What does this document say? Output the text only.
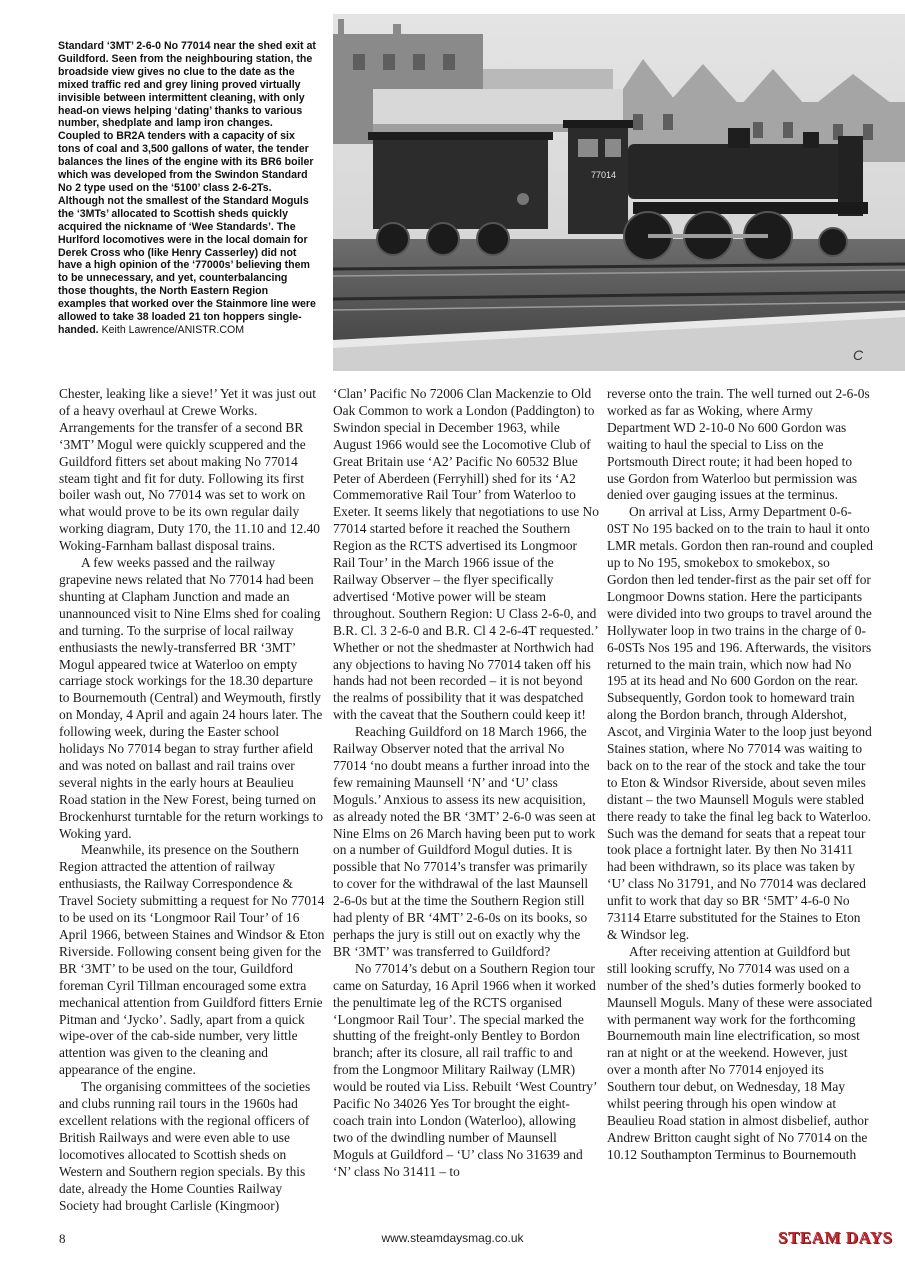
Standard ‘3MT’ 2-6-0 No 77014 near the shed exit at Guildford. Seen from the neighbouring station, the broadside view gives no clue to the date as the mixed traffic red and grey lining proved virtually invisible between intermittent cleaning, with only head-on views helping ‘dating’ thanks to various number, shedplate and lamp iron changes. Coupled to BR2A tenders with a capacity of six tons of coal and 3,500 gallons of water, the tender balances the lines of the engine with its BR6 boiler which was developed from the Swindon Standard No 2 type used on the ‘5100’ class 2-6-2Ts. Although not the smallest of the Standard Moguls the ‘3MTs’ allocated to Scottish sheds quickly acquired the nickname of ‘Wee Standards’. The Hurlford locomotives were in the local domain for Derek Cross who (like Henry Casserley) did not have a high opinion of the ‘77000s’ believing them to be unnecessary, and yet, counterbalancing those thoughts, the North Eastern Region examples that worked over the Stainmore line were allowed to take 38 loaded 21 ton hoppers single-handed. Keith Lawrence/ANISTR.COM
77014
C

Chester, leaking like a sieve!’ Yet it was just out of a heavy overhaul at Crewe Works. Arrangements for the transfer of a second BR ‘3MT’ Mogul were quickly scuppered and the Guildford fitters set about making No 77014 steam tight and fit for duty. Following its first boiler wash out, No 77014 was set to work on what would prove to be its own regular daily working diagram, Duty 170, the 11.10 and 12.40 Woking-Farnham ballast disposal trains.

A few weeks passed and the railway grapevine news related that No 77014 had been shunting at Clapham Junction and made an unannounced visit to Nine Elms shed for coaling and turning. To the surprise of local railway enthusiasts the newly-transferred BR ‘3MT’ Mogul appeared twice at Waterloo on empty carriage stock workings for the 18.30 departure to Bournemouth (Central) and Weymouth, firstly on Monday, 4 April and again 24 hours later. The following week, during the Easter school holidays No 77014 began to stray further afield and was noted on ballast and rail trains over several nights in the early hours at Beaulieu Road station in the New Forest, being turned on Brockenhurst turntable for the return workings to Woking yard.

Meanwhile, its presence on the Southern Region attracted the attention of railway enthusiasts, the Railway Correspondence & Travel Society submitting a request for No 77014 to be used on its ‘Longmoor Rail Tour’ of 16 April 1966, between Staines and Windsor & Eton Riverside. Following consent being given for the BR ‘3MT’ to be used on the tour, Guildford foreman Cyril Tillman encouraged some extra mechanical attention from Guildford fitters Ernie Pitman and ‘Jycko’. Sadly, apart from a quick wipe-over of the cab-side number, very little attention was given to the cleaning and appearance of the engine.

The organising committees of the societies and clubs running rail tours in the 1960s had excellent relations with the regional officers of British Railways and were even able to use locomotives allocated to Scottish sheds on Western and Southern region specials. By this date, already the Home Counties Railway Society had brought Carlisle (Kingmoor)

‘Clan’ Pacific No 72006 Clan Mackenzie to Old Oak Common to work a London (Paddington) to Swindon special in December 1963, while August 1966 would see the Locomotive Club of Great Britain use ‘A2’ Pacific No 60532 Blue Peter of Aberdeen (Ferryhill) shed for its ‘A2 Commemorative Rail Tour’ from Waterloo to Exeter. It seems likely that negotiations to use No 77014 started before it reached the Southern Region as the RCTS advertised its Longmoor Rail Tour’ in the March 1966 issue of the Railway Observer – the flyer specifically advertised ‘Motive power will be steam throughout. Southern Region: U Class 2-6-0, and B.R. Cl. 3 2-6-0 and B.R. Cl 4 2-6-4T requested.’ Whether or not the shedmaster at Northwich had any objections to having No 77014 taken off his hands had not been recorded – it is not beyond the realms of possibility that it was despatched with the caveat that the Southern could keep it!

Reaching Guildford on 18 March 1966, the Railway Observer noted that the arrival No 77014 ‘no doubt means a further inroad into the few remaining Maunsell ‘N’ and ‘U’ class Moguls.’ Anxious to assess its new acquisition, as already noted the BR ‘3MT’ 2-6-0 was seen at Nine Elms on 26 March having been put to work on a number of Guildford Mogul duties. It is possible that No 77014’s transfer was primarily to cover for the withdrawal of the last Maunsell 2-6-0s but at the time the Southern Region still had plenty of BR ‘4MT’ 2-6-0s on its books, so perhaps the jury is still out on exactly why the BR ‘3MT’ was transferred to Guildford?

No 77014’s debut on a Southern Region tour came on Saturday, 16 April 1966 when it worked the penultimate leg of the RCTS organised ‘Longmoor Rail Tour’. The special marked the shutting of the freight-only Bentley to Bordon branch; after its closure, all rail traffic to and from the Longmoor Military Railway (LMR) would be routed via Liss. Rebuilt ‘West Country’ Pacific No 34026 Yes Tor brought the eight-coach train into London (Waterloo), allowing two of the dwindling number of Maunsell Moguls at Guildford – ‘U’ class No 31639 and ‘N’ class No 31411 – to

reverse onto the train. The well turned out 2-6-0s worked as far as Woking, where Army Department WD 2-10-0 No 600 Gordon was waiting to haul the special to Liss on the Portsmouth Direct route; it had been hoped to use Gordon from Waterloo but permission was denied over gauging issues at the terminus.

On arrival at Liss, Army Department 0-6-0ST No 195 backed on to the train to haul it onto LMR metals. Gordon then ran-round and coupled up to No 195, smokebox to smokebox, so Gordon then led tender-first as the pair set off for Longmoor Downs station. Here the participants were divided into two groups to travel around the Hollywater loop in two trains in the charge of 0-6-0STs Nos 195 and 196. Afterwards, the visitors returned to the main train, which now had No 195 at its head and No 600 Gordon on the rear. Subsequently, Gordon took to homeward train along the Bordon branch, through Aldershot, Ascot, and Virginia Water to the loop just beyond Staines station, where No 77014 was waiting to back on to the rear of the stock and take the tour to Eton & Windsor Riverside, about seven miles distant – the two Maunsell Moguls were stabled there ready to take the final leg back to Waterloo. Such was the demand for seats that a repeat tour took place a fortnight later. By then No 31411 had been withdrawn, so its place was taken by ‘U’ class No 31791, and No 77014 was declared unfit to work that day so BR ‘5MT’ 4-6-0 No 73114 Etarre substituted for the Staines to Eton & Windsor leg.

After receiving attention at Guildford but still looking scruffy, No 77014 was used on a number of the shed’s duties formerly booked to Maunsell Moguls. Many of these were associated with permanent way work for the forthcoming Bournemouth main line electrification, so most ran at night or at the weekend. However, just over a month after No 77014 enjoyed its Southern tour debut, on Wednesday, 18 May whilst peering through his open window at Beaulieu Road station in almost disbelief, author Andrew Britton caught sight of No 77014 on the 10.12 Southampton Terminus to Bournemouth

8	www.steamdaysmag.co.uk	STEAM DAYS
